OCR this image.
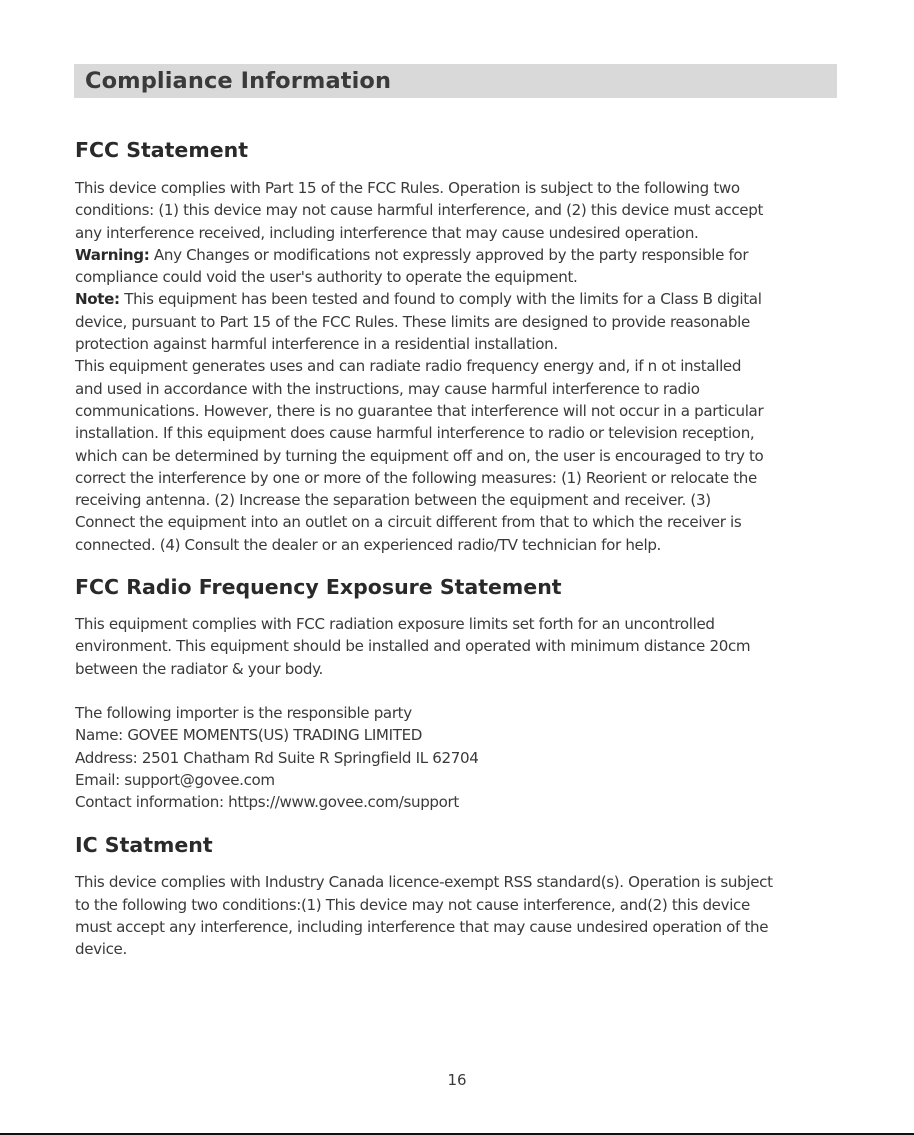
Compliance Information
FCC Statement

This device complies with Part 15 of the FCC Rules. Operation is subject to the following two
conditions: (1) this device may not cause harmful interference, and (2) this device must accept
any interference received, including interference that may cause undesired operation.
Warning: Any Changes or modifications not expressly approved by the party responsible for
compliance could void the user's authority to operate the equipment.
Note: This equipment has been tested and found to comply with the limits for a Class B digital
device, pursuant to Part 15 of the FCC Rules. These limits are designed to provide reasonable
protection against harmful interference in a residential installation.
This equipment generates uses and can radiate radio frequency energy and, if n ot installed
and used in accordance with the instructions, may cause harmful interference to radio
communications. However, there is no guarantee that interference will not occur in a particular
installation. If this equipment does cause harmful interference to radio or television reception,
which can be determined by turning the equipment off and on, the user is encouraged to try to
correct the interference by one or more of the following measures: (1) Reorient or relocate the
receiving antenna. (2) Increase the separation between the equipment and receiver. (3)
Connect the equipment into an outlet on a circuit different from that to which the receiver is
connected. (4) Consult the dealer or an experienced radio/TV technician for help.

FCC Radio Frequency Exposure Statement

This equipment complies with FCC radiation exposure limits set forth for an uncontrolled
environment. This equipment should be installed and operated with minimum distance 20cm
between the radiator & your body.

The following importer is the responsible party
Name: GOVEE MOMENTS(US) TRADING LIMITED
Address: 2501 Chatham Rd Suite R Springfield IL 62704
Email: support@govee.com
Contact information: https://www.govee.com/support

IC Statment

This device complies with Industry Canada licence-exempt RSS standard(s). Operation is subject
to the following two conditions:(1) This device may not cause interference, and(2) this device
must accept any interference, including interference that may cause undesired operation of the
device.

16
